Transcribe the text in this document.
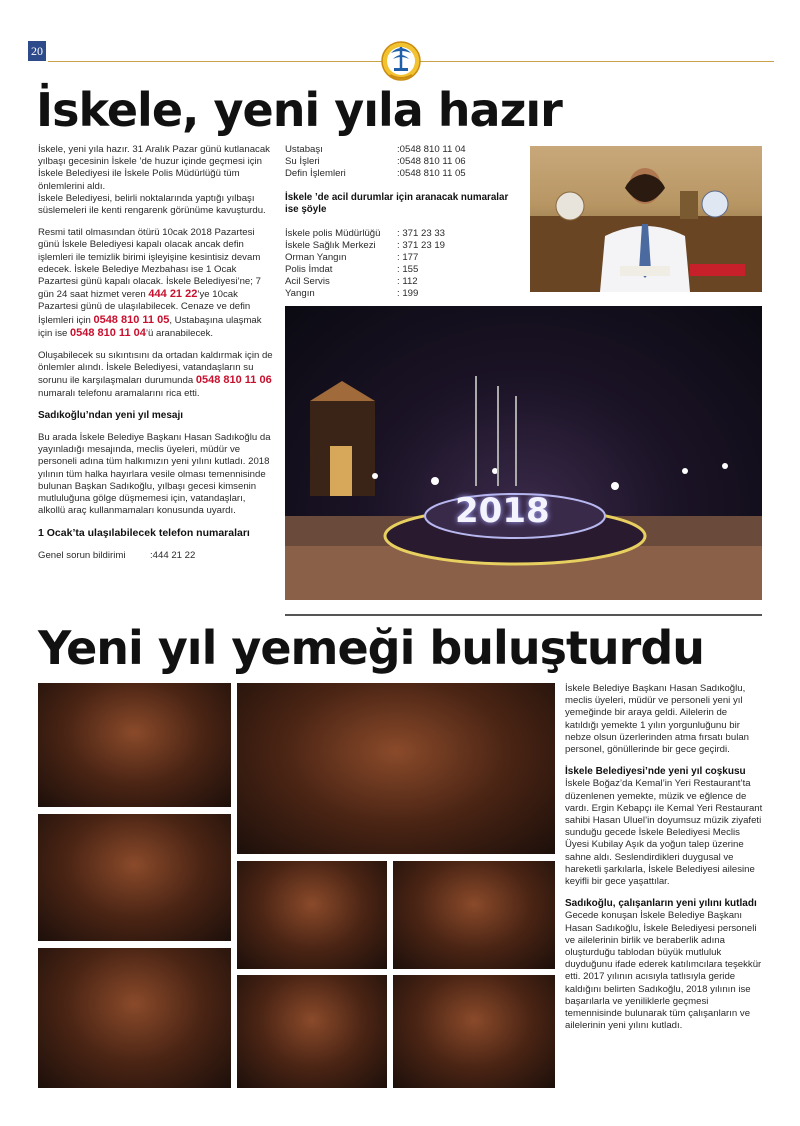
20
İskele, yeni yıla hazır

İskele, yeni yıla hazır. 31 Aralık Pazar günü kutlanacak yılbaşı gecesinin İskele ’de huzur içinde geçmesi için İskele Belediyesi ile İskele Polis Müdürlüğü tüm önlemlerini aldı.

İskele Belediyesi, belirli noktalarında yaptığı yılbaşı süslemeleri ile kenti rengarenk görünüme kavuşturdu.

Resmi tatil olmasından ötürü 10cak 2018 Pazartesi günü İskele Belediyesi kapalı olacak ancak defin işlemleri ile temizlik birimi işleyişine kesintisiz devam edecek. İskele Belediye Mezbahası ise 1 Ocak Pazartesi günü kapalı olacak. İskele Belediyesi’ne; 7 gün 24 saat hizmet veren 444 21 22’ye 10cak Pazartesi günü de ulaşılabilecek. Cenaze ve defin İşlemleri için 0548 810 11 05, Ustabaşına ulaşmak için ise 0548 810 11 04’ü aranabilecek.

Oluşabilecek su sıkıntısını da ortadan kaldırmak için de önlemler alındı. İskele Belediyesi, vatandaşların su sorunu ile karşılaşmaları durumunda 0548 810 11 06 numaralı telefonu aramalarını rica etti.

Sadıkoğlu’ndan yeni yıl mesajı

Bu arada İskele Belediye Başkanı Hasan Sadıkoğlu da yayınladığı mesajında, meclis üyeleri, müdür ve personeli adına tüm halkımızın yeni yılını kutladı. 2018 yılının tüm halka hayırlara vesile olması temennisinde bulunan Başkan Sadıkoğlu, yılbaşı gecesi kimsenin mutluluğuna gölge düşmemesi için, vatandaşları, alkollü araç kullanmamaları konusunda uyardı.

1 Ocak’ta ulaşılabilecek telefon numaraları

Genel sorun bildirimi	:444 21 22

Ustabaşı	:0548 810 11 04
Su İşleri	:0548 810 11 06
Defin İşlemleri	:0548 810 11 05
İskele ’de acil durumlar için aranacak numaralar ise şöyle
İskele polis Müdürlüğü	: 371 23 33
İskele Sağlık Merkezi	: 371 23 19
Orman Yangın	: 177
Polis İmdat	: 155
Acil Servis	: 112
Yangın	: 199
2018
Yeni yıl yemeği buluşturdu

İskele Belediye Başkanı Hasan Sadıkoğlu, meclis üyeleri, müdür ve personeli yeni yıl yemeğinde bir araya geldi. Ailelerin de katıldığı yemekte 1 yılın yorgunluğunu bir nebze olsun üzerlerinden atma fırsatı bulan personel, gönüllerinde bir gece geçirdi.

İskele Belediyesi’nde yeni yıl coşkusu

İskele Boğaz’da Kemal’in Yeri Restaurant’ta düzenlenen yemekte, müzik ve eğlence de vardı. Ergin Kebapçı ile Kemal Yeri Restaurant sahibi Hasan Uluel’in doyumsuz müzik ziyafeti sunduğu gecede İskele Belediyesi Meclis Üyesi Kubilay Aşık da yoğun talep üzerine sahne aldı. Seslendirdikleri duygusal ve hareketli şarkılarla, İskele Belediyesi ailesine keyifli bir gece yaşattılar.

Sadıkoğlu, çalışanların yeni yılını kutladı

Gecede konuşan İskele Belediye Başkanı Hasan Sadıkoğlu, İskele Belediyesi personeli ve ailelerinin birlik ve beraberlik adına oluşturduğu tablodan büyük mutluluk duyduğunu ifade ederek katılımcılara teşekkür etti. 2017 yılının acısıyla tatlısıyla geride kaldığını belirten Sadıkoğlu, 2018 yılının ise başarılarla ve yeniliklerle geçmesi temennisinde bulunarak tüm çalışanların ve ailelerinin yeni yılını kutladı.
